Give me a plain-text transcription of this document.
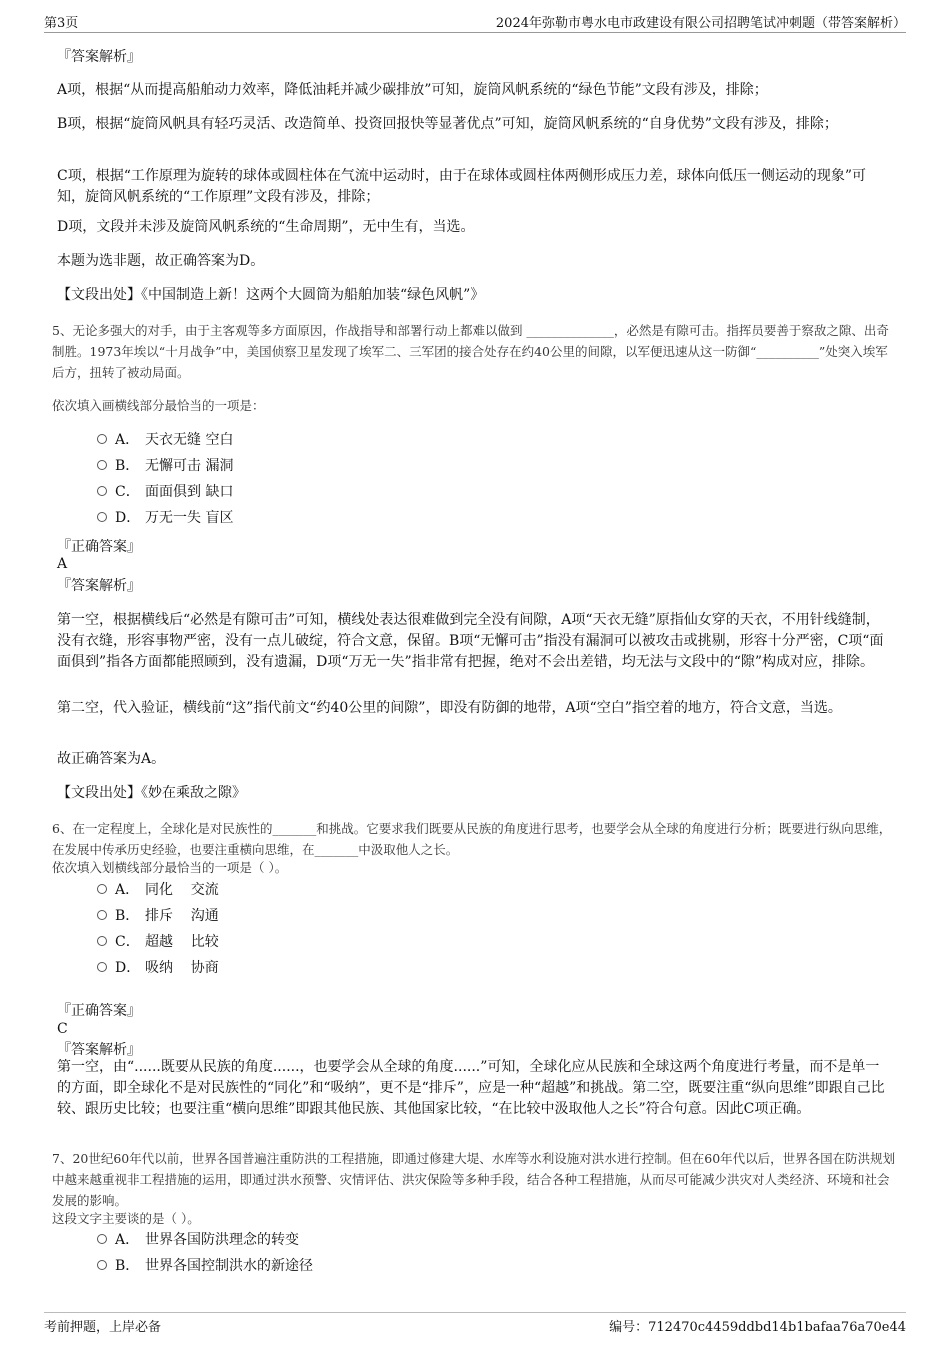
第3页	2024年弥勒市粤水电市政建设有限公司招聘笔试冲刺题（带答案解析）
『答案解析』
A项，根据“从而提高船舶动力效率，降低油耗并减少碳排放”可知，旋筒风帆系统的“绿色节能”文段有涉及，排除；
B项，根据“旋筒风帆具有轻巧灵活、改造简单、投资回报快等显著优点”可知，旋筒风帆系统的“自身优势”文段有涉及，排除；
C项，根据“工作原理为旋转的球体或圆柱体在气流中运动时，由于在球体或圆柱体两侧形成压力差，球体向低压一侧运动的现象”可知，旋筒风帆系统的“工作原理”文段有涉及，排除；
D项，文段并未涉及旋筒风帆系统的“生命周期”，无中生有，当选。
本题为选非题，故正确答案为D。
【文段出处】《中国制造上新！这两个大圆筒为船舶加装“绿色风帆”》
5、无论多强大的对手，由于主客观等多方面原因，作战指导和部署行动上都难以做到 ______________，必然是有隙可击。指挥员要善于察敌之隙、出奇制胜。1973年埃以“十月战争”中，美国侦察卫星发现了埃军二、三军团的接合处存在约40公里的间隙，以军便迅速从这一防御“__________”处突入埃军后方，扭转了被动局面。
依次填入画横线部分最恰当的一项是：
A． 天衣无缝 空白
B． 无懈可击 漏洞
C． 面面俱到 缺口
D． 万无一失 盲区
『正确答案』
A
『答案解析』
第一空，根据横线后“必然是有隙可击”可知，横线处表达很难做到完全没有间隙，A项“天衣无缝”原指仙女穿的天衣，不用针线缝制，没有衣缝，形容事物严密，没有一点儿破绽，符合文意，保留。B项“无懈可击”指没有漏洞可以被攻击或挑剔，形容十分严密，C项“面面俱到”指各方面都能照顾到，没有遗漏，D项“万无一失”指非常有把握，绝对不会出差错，均无法与文段中的“隙”构成对应，排除。
第二空，代入验证，横线前“这”指代前文“约40公里的间隙”，即没有防御的地带，A项“空白”指空着的地方，符合文意，当选。
故正确答案为A。
【文段出处】《妙在乘敌之隙》
6、在一定程度上，全球化是对民族性的_______和挑战。它要求我们既要从民族的角度进行思考，也要学会从全球的角度进行分析；既要进行纵向思维，在发展中传承历史经验，也要注重横向思维，在_______中汲取他人之长。
依次填入划横线部分最恰当的一项是（ ）。
A． 同化    交流
B． 排斥    沟通
C． 超越    比较
D． 吸纳    协商
『正确答案』
C
『答案解析』
第一空，由“......既要从民族的角度......，也要学会从全球的角度......”可知，全球化应从民族和全球这两个角度进行考量，而不是单一的方面，即全球化不是对民族性的“同化”和“吸纳”，更不是“排斥”，应是一种“超越”和挑战。第二空，既要注重“纵向思维”即跟自己比较、跟历史比较；也要注重“横向思维”即跟其他民族、其他国家比较，“在比较中汲取他人之长”符合句意。因此C项正确。
7、20世纪60年代以前，世界各国普遍注重防洪的工程措施，即通过修建大堤、水库等水利设施对洪水进行控制。但在60年代以后，世界各国在防洪规划中越来越重视非工程措施的运用，即通过洪水预警、灾情评估、洪灾保险等多种手段，结合各种工程措施，从而尽可能减少洪灾对人类经济、环境和社会发展的影响。
这段文字主要谈的是（ ）。
A． 世界各国防洪理念的转变
B． 世界各国控制洪水的新途径
考前押题，上岸必备	编号：712470c4459ddbd14b1bafaa76a70e44
